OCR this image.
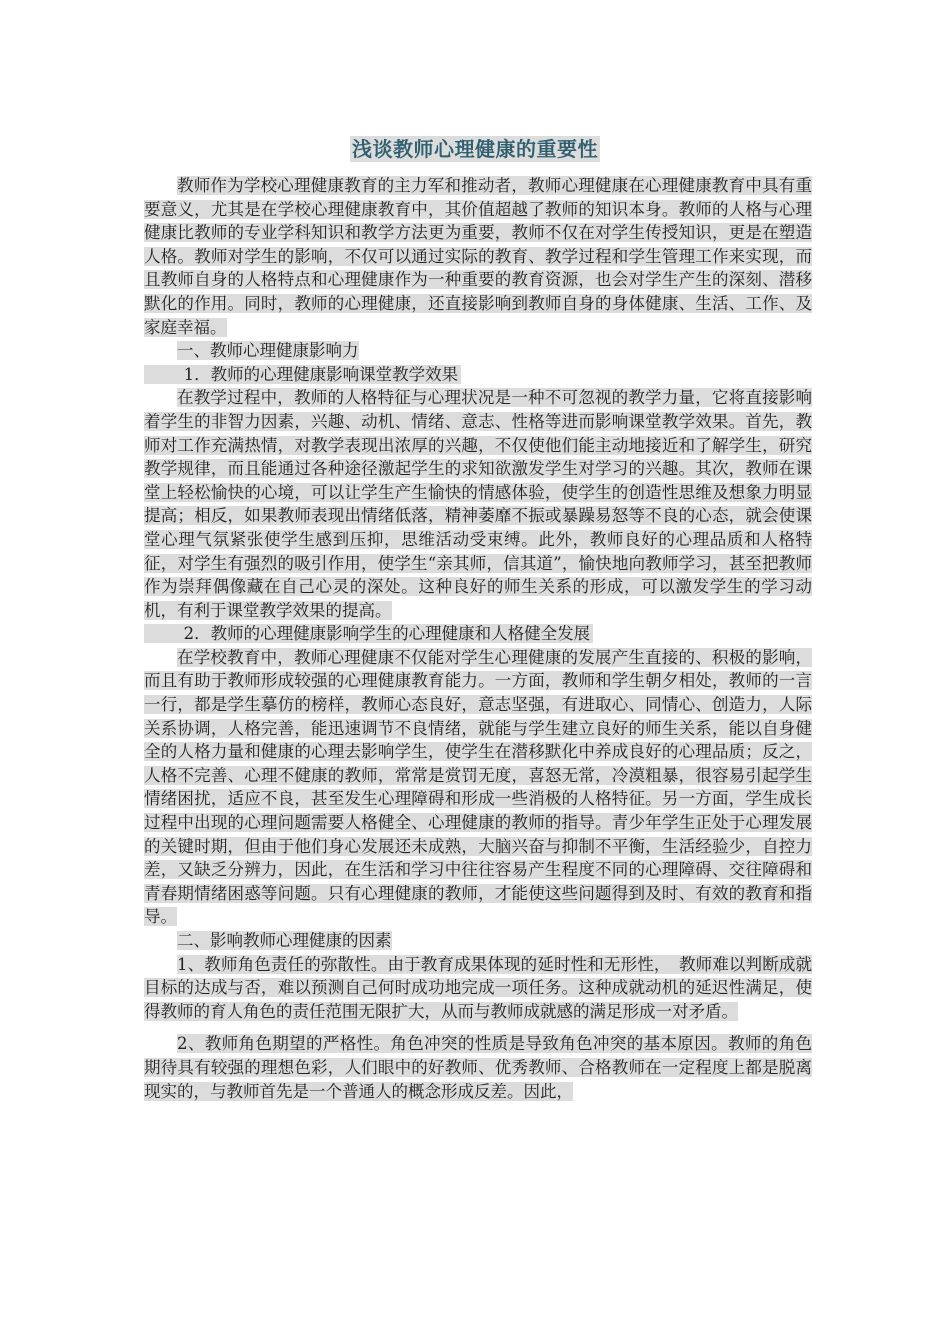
浅谈教师心理健康的重要性

教师作为学校心理健康教育的主力军和推动者，教师心理健康在心理健康教育中具有重要意义，尤其是在学校心理健康教育中，其价值超越了教师的知识本身。教师的人格与心理健康比教师的专业学科知识和教学方法更为重要，教师不仅在对学生传授知识，更是在塑造人格。教师对学生的影响，不仅可以通过实际的教育、教学过程和学生管理工作来实现，而且教师自身的人格特点和心理健康作为一种重要的教育资源，也会对学生产生的深刻、潜移默化的作用。同时，教师的心理健康，还直接影响到教师自身的身体健康、生活、工作、及家庭幸福。

一、教师心理健康影响力

1．教师的心理健康影响课堂教学效果

在教学过程中，教师的人格特征与心理状况是一种不可忽视的教学力量，它将直接影响着学生的非智力因素，兴趣、动机、情绪、意志、性格等进而影响课堂教学效果。首先，教师对工作充满热情，对教学表现出浓厚的兴趣，不仅使他们能主动地接近和了解学生，研究教学规律，而且能通过各种途径激起学生的求知欲激发学生对学习的兴趣。其次，教师在课堂上轻松愉快的心境，可以让学生产生愉快的情感体验，使学生的创造性思维及想象力明显提高；相反，如果教师表现出情绪低落，精神萎靡不振或暴躁易怒等不良的心态，就会使课堂心理气氛紧张使学生感到压抑，思维活动受束缚。此外，教师良好的心理品质和人格特征，对学生有强烈的吸引作用，使学生“亲其师，信其道”，愉快地向教师学习，甚至把教师作为崇拜偶像藏在自己心灵的深处。这种良好的师生关系的形成，可以激发学生的学习动机，有利于课堂教学效果的提高。

2．教师的心理健康影响学生的心理健康和人格健全发展

在学校教育中，教师心理健康不仅能对学生心理健康的发展产生直接的、积极的影响，而且有助于教师形成较强的心理健康教育能力。一方面，教师和学生朝夕相处，教师的一言一行，都是学生摹仿的榜样，教师心态良好，意志坚强，有进取心、同情心、创造力，人际关系协调，人格完善，能迅速调节不良情绪，就能与学生建立良好的师生关系，能以自身健全的人格力量和健康的心理去影响学生，使学生在潜移默化中养成良好的心理品质；反之，人格不完善、心理不健康的教师，常常是赏罚无度，喜怒无常，冷漠粗暴，很容易引起学生情绪困扰，适应不良，甚至发生心理障碍和形成一些消极的人格特征。另一方面，学生成长过程中出现的心理问题需要人格健全、心理健康的教师的指导。青少年学生正处于心理发展的关键时期，但由于他们身心发展还未成熟，大脑兴奋与抑制不平衡，生活经验少，自控力差，又缺乏分辨力，因此，在生活和学习中往往容易产生程度不同的心理障碍、交往障碍和青春期情绪困惑等问题。只有心理健康的教师，才能使这些问题得到及时、有效的教育和指导。

二、影响教师心理健康的因素

1、教师角色责任的弥散性。由于教育成果体现的延时性和无形性，　教师难以判断成就目标的达成与否，难以预测自己何时成功地完成一项任务。这种成就动机的延迟性满足，使得教师的育人角色的责任范围无限扩大，从而与教师成就感的满足形成一对矛盾。

2、教师角色期望的严格性。角色冲突的性质是导致角色冲突的基本原因。教师的角色期待具有较强的理想色彩，人们眼中的好教师、优秀教师、合格教师在一定程度上都是脱离现实的，与教师首先是一个普通人的概念形成反差。因此，
